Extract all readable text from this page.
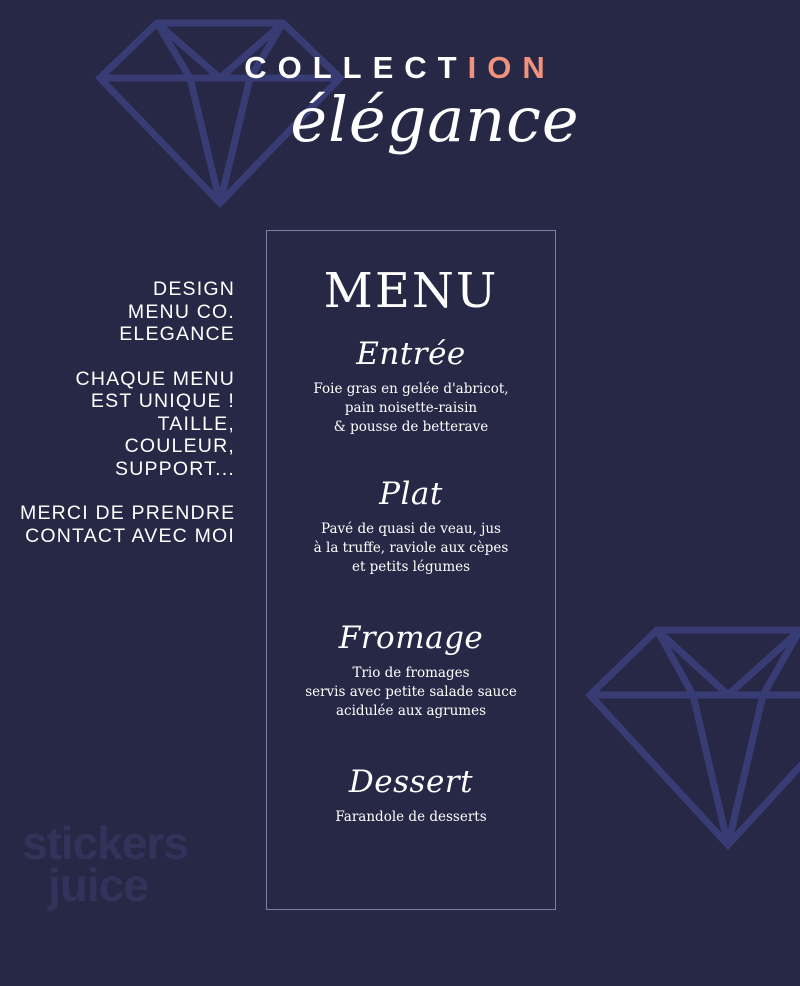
COLLECTION
élégance
DESIGN
MENU CO.
ELEGANCE
CHAQUE MENU
EST UNIQUE !
TAILLE,
COULEUR,
SUPPORT...
MERCI DE PRENDRE
CONTACT AVEC MOI
MENU
Entrée
Foie gras en gelée d'abricot,
pain noisette-raisin
& pousse de betterave
Plat
Pavé de quasi de veau, jus
à la truffe, raviole aux cèpes
et petits légumes
Fromage
Trio de fromages
servis avec petite salade sauce
acidulée aux agrumes
Dessert
Farandole de desserts
stickers
juice
